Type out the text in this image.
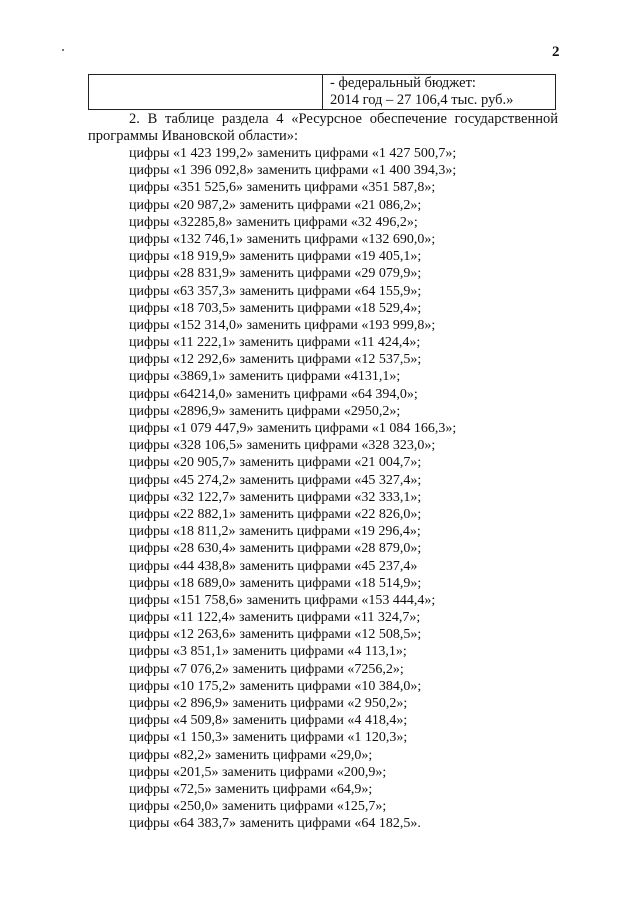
2
- федеральный бюджет:
2014 год – 27 106,4 тыс. руб.»
2. В таблице раздела 4 «Ресурсное обеспечение государственной
программы Ивановской области»:
цифры «1 423 199,2» заменить цифрами «1 427 500,7»;
цифры «1 396 092,8» заменить цифрами «1 400 394,3»;
цифры «351 525,6» заменить цифрами «351 587,8»;
цифры «20 987,2» заменить цифрами «21 086,2»;
цифры «32285,8» заменить цифрами «32 496,2»;
цифры «132 746,1» заменить цифрами «132 690,0»;
цифры «18 919,9» заменить цифрами «19 405,1»;
цифры «28 831,9» заменить цифрами «29 079,9»;
цифры «63 357,3» заменить цифрами «64 155,9»;
цифры «18 703,5» заменить цифрами «18 529,4»;
цифры «152 314,0» заменить цифрами «193 999,8»;
цифры «11 222,1» заменить цифрами «11 424,4»;
цифры «12 292,6» заменить цифрами «12 537,5»;
цифры «3869,1» заменить цифрами «4131,1»;
цифры «64214,0» заменить цифрами «64 394,0»;
цифры «2896,9» заменить цифрами «2950,2»;
цифры «1 079 447,9» заменить цифрами «1 084 166,3»;
цифры «328 106,5» заменить цифрами «328 323,0»;
цифры «20 905,7» заменить цифрами «21 004,7»;
цифры «45 274,2» заменить цифрами «45 327,4»;
цифры «32 122,7» заменить цифрами «32 333,1»;
цифры «22 882,1» заменить цифрами «22 826,0»;
цифры «18 811,2» заменить цифрами «19 296,4»;
цифры «28 630,4» заменить цифрами «28 879,0»;
цифры «44 438,8» заменить цифрами «45 237,4»
цифры «18 689,0» заменить цифрами «18 514,9»;
цифры «151 758,6» заменить цифрами «153 444,4»;
цифры «11 122,4» заменить цифрами «11 324,7»;
цифры «12 263,6» заменить цифрами «12 508,5»;
цифры «3 851,1» заменить цифрами «4 113,1»;
цифры «7 076,2» заменить цифрами «7256,2»;
цифры «10 175,2» заменить цифрами «10 384,0»;
цифры «2 896,9» заменить цифрами «2 950,2»;
цифры «4 509,8» заменить цифрами «4 418,4»;
цифры «1 150,3» заменить цифрами «1 120,3»;
цифры «82,2» заменить цифрами «29,0»;
цифры «201,5» заменить цифрами «200,9»;
цифры «72,5» заменить цифрами «64,9»;
цифры «250,0» заменить цифрами «125,7»;
цифры «64 383,7» заменить цифрами «64 182,5».
